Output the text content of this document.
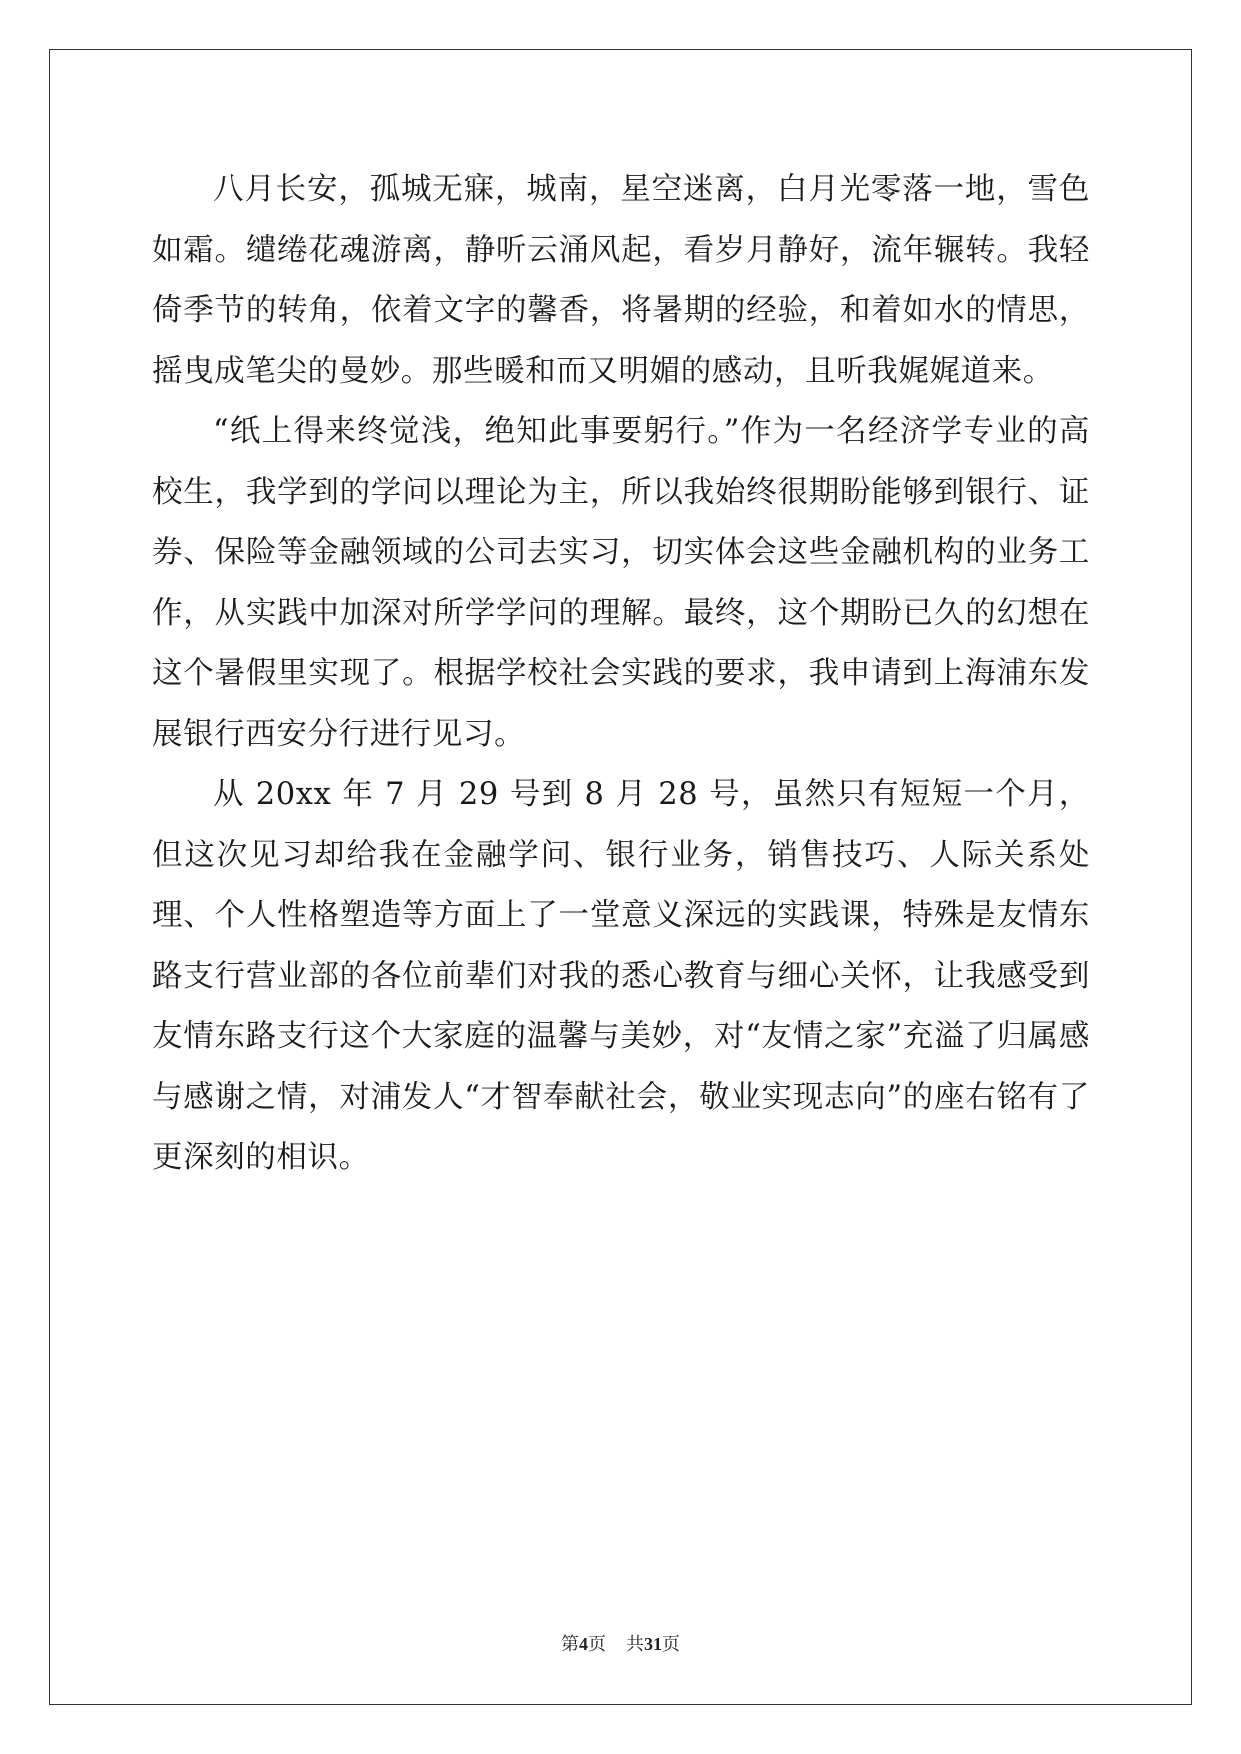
八月长安，孤城无寐，城南，星空迷离，白月光零落一地，雪色如霜。缱绻花魂游离，静听云涌风起，看岁月静好，流年辗转。我轻倚季节的转角，依着文字的馨香，将暑期的经验，和着如水的情思，摇曳成笔尖的曼妙。那些暖和而又明媚的感动，且听我娓娓道来。

“纸上得来终觉浅，绝知此事要躬行。”作为一名经济学专业的高校生，我学到的学问以理论为主，所以我始终很期盼能够到银行、证券、保险等金融领域的公司去实习，切实体会这些金融机构的业务工作，从实践中加深对所学学问的理解。最终，这个期盼已久的幻想在这个暑假里实现了。根据学校社会实践的要求，我申请到上海浦东发展银行西安分行进行见习。

从 20xx 年 7 月 29 号到 8 月 28 号，虽然只有短短一个月，但这次见习却给我在金融学问、银行业务，销售技巧、人际关系处理、个人性格塑造等方面上了一堂意义深远的实践课，特殊是友情东路支行营业部的各位前辈们对我的悉心教育与细心关怀，让我感受到友情东路支行这个大家庭的温馨与美妙，对“友情之家”充溢了归属感与感谢之情，对浦发人“才智奉献社会，敬业实现志向”的座右铭有了更深刻的相识。

第4页 共31页
